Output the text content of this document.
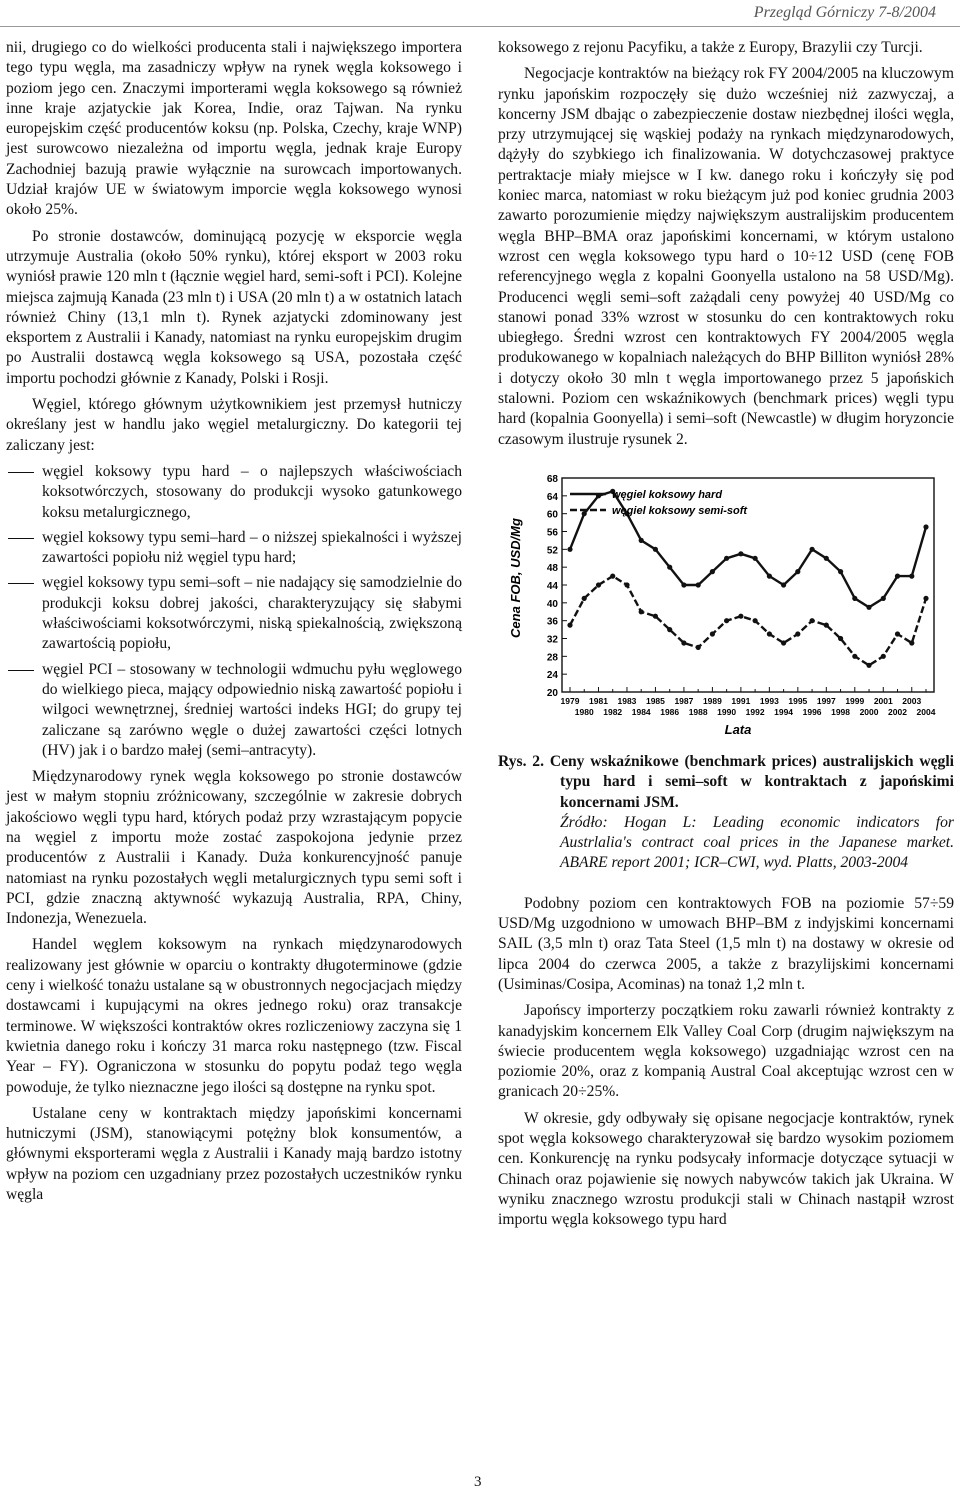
Przegląd Górniczy 7-8/2004

nii, drugiego co do wielkości producenta stali i największego importera tego typu węgla, ma zasadniczy wpływ na rynek węgla koksowego i poziom jego cen. Znaczymi importerami węgla koksowego są również inne kraje azjatyckie jak Korea, Indie, oraz Tajwan. Na rynku europejskim część producentów koksu (np. Polska, Czechy, kraje WNP) jest surowcowo niezależna od importu węgla, jednak kraje Europy Zachodniej bazują prawie wyłącznie na surowcach importowanych. Udział krajów UE w światowym imporcie węgla koksowego wynosi około 25%.

Po stronie dostawców, dominującą pozycję w eksporcie węgla utrzymuje Australia (około 50% rynku), której eksport w 2003 roku wyniósł prawie 120 mln t (łącznie węgiel hard, semi-soft i PCI). Kolejne miejsca zajmują Kanada (23 mln t) i USA (20 mln t) a w ostatnich latach również Chiny (13,1 mln t). Rynek azjatycki zdominowany jest eksportem z Australii i Kanady, natomiast na rynku europejskim drugim po Australii dostawcą węgla koksowego są USA, pozostała część importu pochodzi głównie z Kanady, Polski i Rosji.

Węgiel, którego głównym użytkownikiem jest przemysł hutniczy określany jest w handlu jako węgiel metalurgiczny. Do kategorii tej zaliczany jest:

węgiel koksowy typu hard – o najlepszych właściwościach koksotwórczych, stosowany do produkcji wysoko gatunkowego koksu metalurgicznego,
węgiel koksowy typu semi–hard – o niższej spiekalności i wyższej zawartości popiołu niż węgiel typu hard;
węgiel koksowy typu semi–soft – nie nadający się samodzielnie do produkcji koksu dobrej jakości, charakteryzujący się słabymi właściwościami koksotwórczymi, niską spiekalnością, zwiększoną zawartością popiołu,
węgiel PCI – stosowany w technologii wdmuchu pyłu węglowego do wielkiego pieca, mający odpowiednio niską zawartość popiołu i wilgoci wewnętrznej, średniej wartości indeks HGI; do grupy tej zaliczane są zarówno węgle o dużej zawartości części lotnych (HV) jak i o bardzo małej (semi–antracyty).

Międzynarodowy rynek węgla koksowego po stronie dostawców jest w małym stopniu zróżnicowany, szczególnie w zakresie dobrych jakościowo węgli typu hard, których podaż przy wzrastającym popycie na węgiel z importu może zostać zaspokojona jedynie przez producentów z Australii i Kanady. Duża konkurencyjność panuje natomiast na rynku pozostałych węgli metalurgicznych typu semi soft i PCI, gdzie znaczną aktywność wykazują Australia, RPA, Chiny, Indonezja, Wenezuela.

Handel węglem koksowym na rynkach międzynarodowych realizowany jest głównie w oparciu o kontrakty długoterminowe (gdzie ceny i wielkość tonażu ustalane są w obustronnych negocjacjach między dostawcami i kupującymi na okres jednego roku) oraz transakcje terminowe. W większości kontraktów okres rozliczeniowy zaczyna się 1 kwietnia danego roku i kończy 31 marca roku następnego (tzw. Fiscal Year – FY). Ograniczona w stosunku do popytu podaż tego węgla powoduje, że tylko nieznaczne jego ilości są dostępne na rynku spot.

Ustalane ceny w kontraktach między japońskimi koncernami hutniczymi (JSM), stanowiącymi potężny blok konsumentów, a głównymi eksporterami węgla z Australii i Kanady mają bardzo istotny wpływ na poziom cen uzgadniany przez pozostałych uczestników rynku węgla

koksowego z rejonu Pacyfiku, a także z Europy, Brazylii czy Turcji.

Negocjacje kontraktów na bieżący rok FY 2004/2005 na kluczowym rynku japońskim rozpoczęły się dużo wcześniej niż zazwyczaj, a koncerny JSM dbając o zabezpieczenie dostaw niezbędnej ilości węgla, przy utrzymującej się wąskiej podaży na rynkach międzynarodowych, dążyły do szybkiego ich finalizowania. W dotychczasowej praktyce pertraktacje miały miejsce w I kw. danego roku i kończyły się pod koniec marca, natomiast w roku bieżącym już pod koniec grudnia 2003 zawarto porozumienie między największym australijskim producentem węgla BHP–BMA oraz japońskimi koncernami, w którym ustalono wzrost cen węgla koksowego typu hard o 10÷12 USD (cenę FOB referencyjnego węgla z kopalni Goonyella ustalono na 58 USD/Mg). Producenci węgli semi–soft zażądali ceny powyżej 40 USD/Mg co stanowi ponad 33% wzrost w stosunku do cen kontraktowych roku ubiegłego. Średni wzrost cen kontraktowych FY 2004/2005 węgla produkowanego w kopalniach należących do BHP Billiton wyniósł 28% i dotyczy około 30 mln t węgla importowanego przez 5 japońskich stalowni. Poziom cen wskaźnikowych (benchmark prices) węgli typu hard (kopalnia Goonyella) i semi–soft (Newcastle) w długim horyzoncie czasowym ilustruje rysunek 2.

20
24
28
32
36
40
44
48
52
56
60
64
68
1979 1981 1983 1985 1987 1989 1991 1993 1995 1997 1999 2001 2003
1980 1982 1984 1986 1988 1990 1992 1994 1996 1998 2000 2002 2004
węgiel koksowy hard
węgiel koksowy semi-soft
Cena FOB, USD/Mg
Lata
Rys. 2. Ceny wskaźnikowe (benchmark prices) australijskich węgli typu hard i semi–soft w kontraktach z japońskimi koncernami JSM.
Źródło: Hogan L: Leading economic indicators for Austrlalia's contract coal prices in the Japanese market. ABARE report 2001; ICR–CWI, wyd. Platts, 2003-2004

Podobny poziom cen kontraktowych FOB na poziomie 57÷59 USD/Mg uzgodniono w umowach BHP–BM z indyjskimi koncernami SAIL (3,5 mln t) oraz Tata Steel (1,5 mln t) na dostawy w okresie od lipca 2004 do czerwca 2005, a także z brazylijskimi koncernami (Usiminas/Cosipa, Acominas) na tonaż 1,2 mln t.

Japońscy importerzy początkiem roku zawarli również kontrakty z kanadyjskim koncernem Elk Valley Coal Corp (drugim największym na świecie producentem węgla koksowego) uzgadniając wzrost cen na poziomie 20%, oraz z kompanią Austral Coal akceptując wzrost cen w granicach 20÷25%.

W okresie, gdy odbywały się opisane negocjacje kontraktów, rynek spot węgla koksowego charakteryzował się bardzo wysokim poziomem cen. Konkurencję na rynku podsycały informacje dotyczące sytuacji w Chinach oraz pojawienie się nowych nabywców takich jak Ukraina. W wyniku znacznego wzrostu produkcji stali w Chinach nastąpił wzrost importu węgla koksowego typu hard

3
